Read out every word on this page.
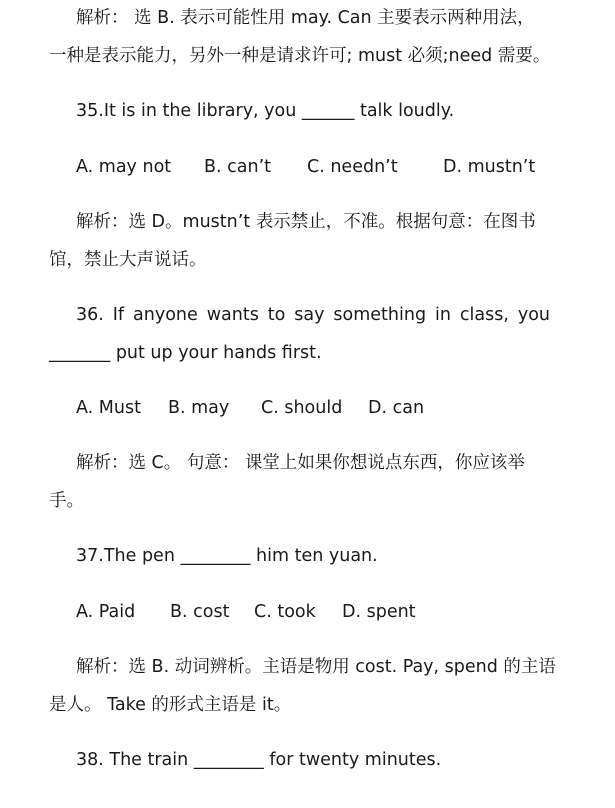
解析： 选 B. 表示可能性用 may. Can 主要表示两种用法，
一种是表示能力，另外一种是请求许可; must 必须;need 需要。
35.It is in the library, you ______ talk loudly.
A. may not B. can’t C. needn’t	D. mustn’t
解析：选 D。mustn’t 表示禁止，不准。根据句意：在图书
馆，禁止大声说话。
36. If anyone wants to say something in class, you
_______ put up your hands first.
A. Must B. may C. should D. can
解析：选 C。 句意： 课堂上如果你想说点东西，你应该举
手。
37.The pen ________ him ten yuan.
A. Paid B. cost C. took D. spent
解析：选 B. 动词辨析。主语是物用 cost. Pay, spend 的主语
是人。 Take 的形式主语是 it。
38. The train ________ for twenty minutes.
